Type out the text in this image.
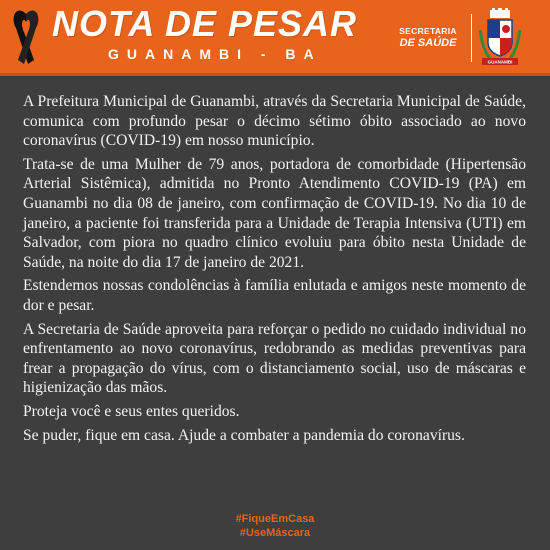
NOTA DE PESAR
GUANAMBI - BA
SECRETARIA
DE SAÚDE
GUANAMBI

A Prefeitura Municipal de Guanambi, através da Secretaria Municipal de Saúde, comunica com profundo pesar o décimo sétimo óbito associado ao novo coronavírus (COVID-19) em nosso município.

Trata-se de uma Mulher de 79 anos, portadora de comorbidade (Hipertensão Arterial Sistêmica), admitida no Pronto Atendimento COVID-19 (PA) em Guanambi no dia 08 de janeiro, com confirmação de COVID-19. No dia 10 de janeiro, a paciente foi transferida para a Unidade de Terapia Intensiva (UTI) em Salvador, com piora no quadro clínico evoluiu para óbito nesta Unidade de Saúde, na noite do dia 17 de janeiro de 2021.

Estendemos nossas condolências à família enlutada e amigos neste momento de dor e pesar.

A Secretaria de Saúde aproveita para reforçar o pedido no cuidado individual no enfrentamento ao novo coronavírus, redobrando as medidas preventivas para frear a propagação do vírus, com o distanciamento social, uso de máscaras e higienização das mãos.

Proteja você e seus entes queridos.

Se puder, fique em casa. Ajude a combater a pandemia do coronavírus.

#FiqueEmCasa
#UseMáscara
